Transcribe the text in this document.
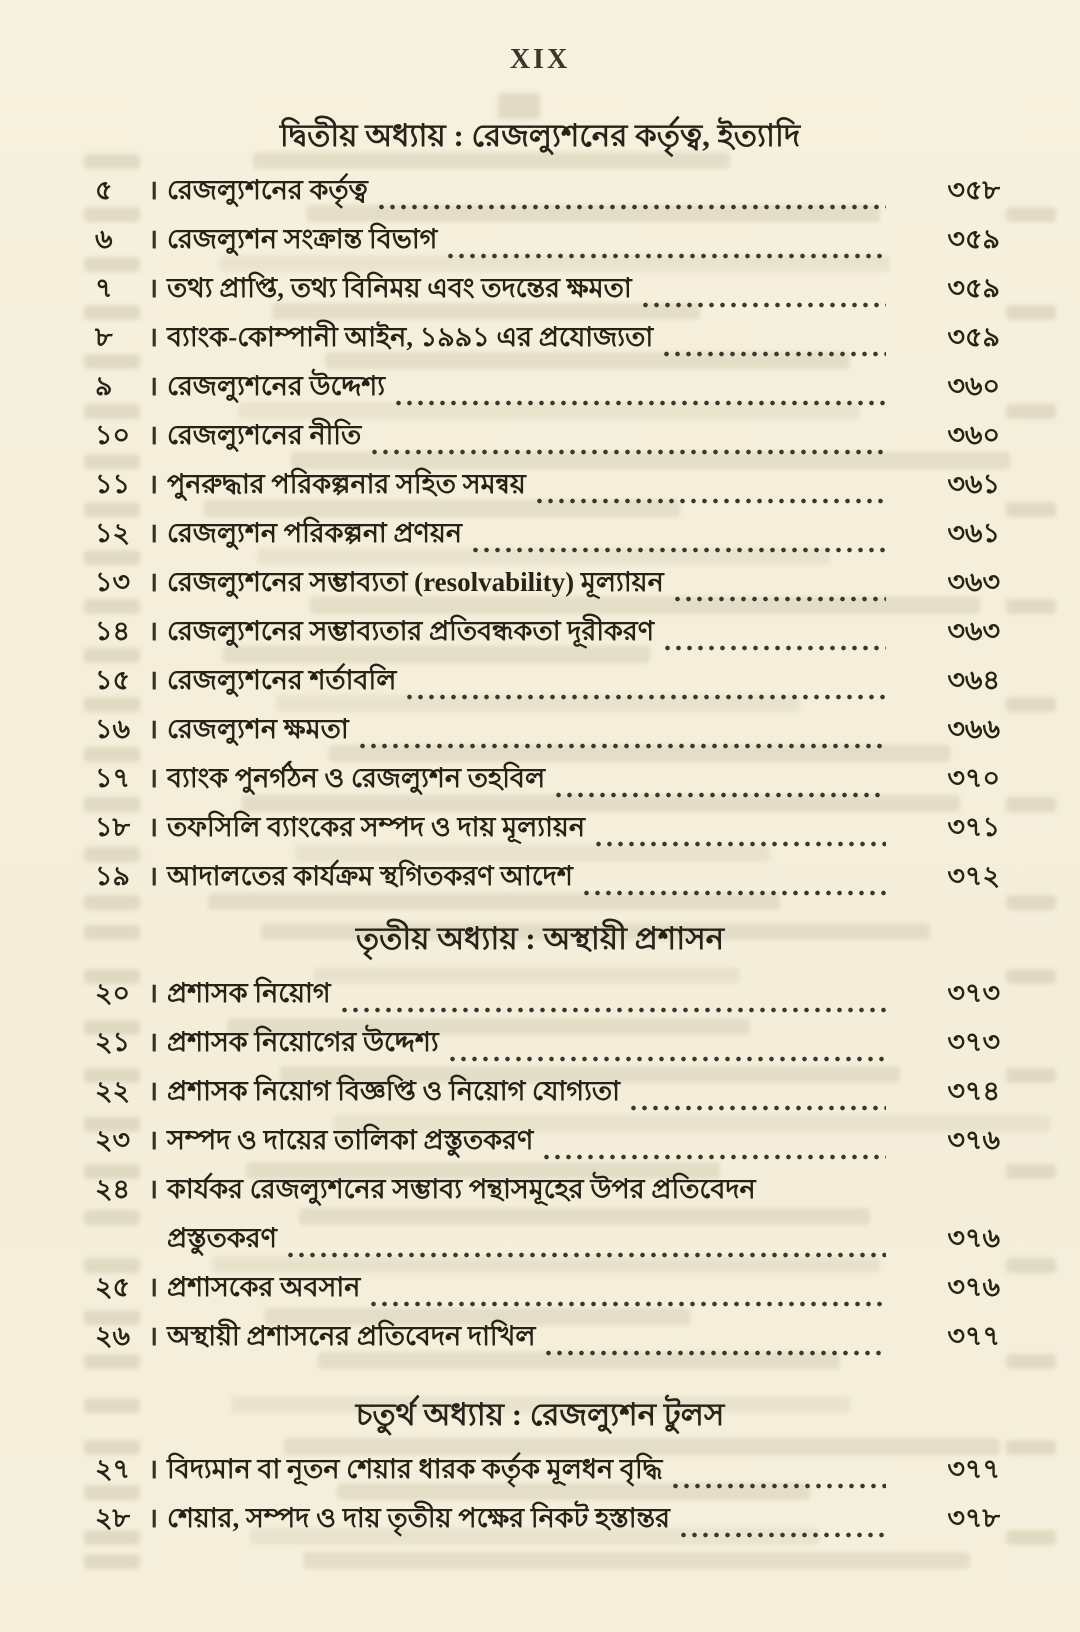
XIX
দ্বিতীয় অধ্যায় : রেজল্যুশনের কর্তৃত্ব, ইত্যাদি
৫	। রেজল্যুশনের কর্তৃত্ব	৩৫৮
৬	। রেজল্যুশন সংক্রান্ত বিভাগ	৩৫৯
৭	। তথ্য প্রাপ্তি, তথ্য বিনিময় এবং তদন্তের ক্ষমতা	৩৫৯
৮	। ব্যাংক-কোম্পানী আইন, ১৯৯১ এর প্রযোজ্যতা	৩৫৯
৯	। রেজল্যুশনের উদ্দেশ্য	৩৬০
১০ । রেজল্যুশনের নীতি	৩৬০
১১ । পুনরুদ্ধার পরিকল্পনার সহিত সমন্বয়	৩৬১
১২ । রেজল্যুশন পরিকল্পনা প্রণয়ন	৩৬১
১৩ । রেজল্যুশনের সম্ভাব্যতা (resolvability) মূল্যায়ন	৩৬৩
১৪ । রেজল্যুশনের সম্ভাব্যতার প্রতিবন্ধকতা দূরীকরণ	৩৬৩
১৫ । রেজল্যুশনের শর্তাবলি	৩৬৪
১৬ । রেজল্যুশন ক্ষমতা	৩৬৬
১৭ । ব্যাংক পুনর্গঠন ও রেজল্যুশন তহবিল	৩৭০
১৮ । তফসিলি ব্যাংকের সম্পদ ও দায় মূল্যায়ন	৩৭১
১৯ । আদালতের কার্যক্রম স্থগিতকরণ আদেশ	৩৭২
তৃতীয় অধ্যায় : অস্থায়ী প্রশাসন
২০ । প্রশাসক নিয়োগ	৩৭৩
২১ । প্রশাসক নিয়োগের উদ্দেশ্য	৩৭৩
২২ । প্রশাসক নিয়োগ বিজ্ঞপ্তি ও নিয়োগ যোগ্যতা	৩৭৪
২৩ । সম্পদ ও দায়ের তালিকা প্রস্তুতকরণ	৩৭৬
২৪ । কার্যকর রেজল্যুশনের সম্ভাব্য পন্থাসমূহের উপর প্রতিবেদন
প্রস্তুতকরণ	৩৭৬
২৫ । প্রশাসকের অবসান	৩৭৬
২৬ । অস্থায়ী প্রশাসনের প্রতিবেদন দাখিল	৩৭৭
চতুর্থ অধ্যায় : রেজল্যুশন টুলস
২৭ । বিদ্যমান বা নূতন শেয়ার ধারক কর্তৃক মূলধন বৃদ্ধি	৩৭৭
২৮ । শেয়ার, সম্পদ ও দায় তৃতীয় পক্ষের নিকট হস্তান্তর	৩৭৮
